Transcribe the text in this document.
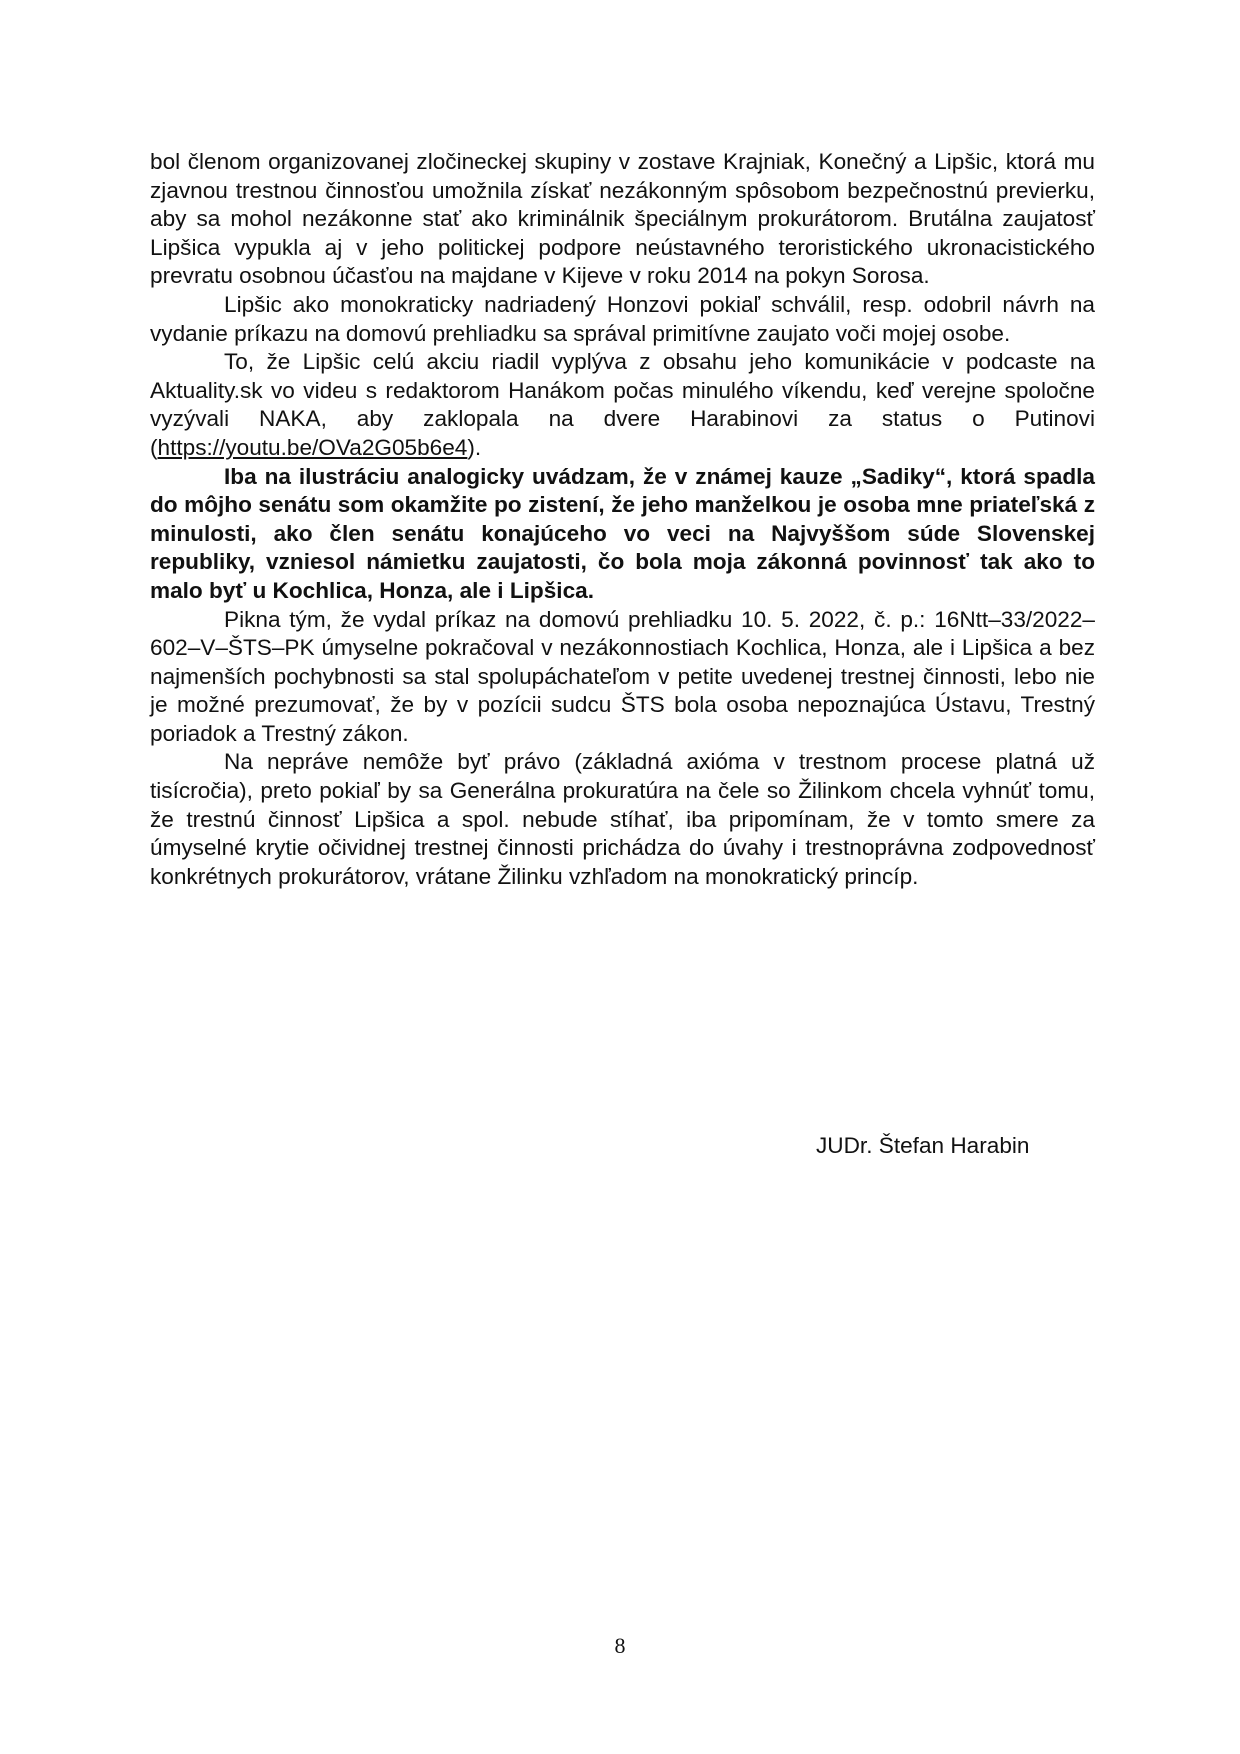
bol členom organizovanej zločineckej skupiny v zostave Krajniak, Konečný a Lipšic, ktorá mu zjavnou trestnou činnosťou umožnila získať nezákonným spôsobom bezpečnostnú previerku, aby sa mohol nezákonne stať ako kriminálnik špeciálnym prokurátorom. Brutálna zaujatosť Lipšica vypukla aj v jeho politickej podpore neústavného teroristického ukronacistického prevratu osobnou účasťou na majdane v Kijeve v roku 2014 na pokyn Sorosa.

Lipšic ako monokraticky nadriadený Honzovi pokiaľ schválil, resp. odobril návrh na vydanie príkazu na domovú prehliadku sa správal primitívne zaujato voči mojej osobe.

To, že Lipšic celú akciu riadil vyplýva z obsahu jeho komunikácie v podcaste na Aktuality.sk vo videu s redaktorom Hanákom počas minulého víkendu, keď verejne spoločne vyzývali NAKA, aby zaklopala na dvere Harabinovi za status o Putinovi (https://youtu.be/OVa2G05b6e4).

Iba na ilustráciu analogicky uvádzam, že v známej kauze „Sadiky“, ktorá spadla do môjho senátu som okamžite po zistení, že jeho manželkou je osoba mne priateľská z minulosti, ako člen senátu konajúceho vo veci na Najvyššom súde Slovenskej republiky, vzniesol námietku zaujatosti, čo bola moja zákonná povinnosť tak ako to malo byť u Kochlica, Honza, ale i Lipšica.

Pikna tým, že vydal príkaz na domovú prehliadku 10. 5. 2022, č. p.: 16Ntt–33/2022–602–V–ŠTS–PK úmyselne pokračoval v nezákonnostiach Kochlica, Honza, ale i Lipšica a bez najmenších pochybnosti sa stal spolupáchateľom v petite uvedenej trestnej činnosti, lebo nie je možné prezumovať, že by v pozícii sudcu ŠTS bola osoba nepoznajúca Ústavu, Trestný poriadok a Trestný zákon.

Na neprávе nemôže byť právo (základná axióma v trestnom procese platná už tisícročia), preto pokiaľ by sa Generálna prokuratúra na čele so Žilinkom chcela vyhnúť tomu, že trestnú činnosť Lipšica a spol. nebude stíhať, iba pripomínam, že v tomto smere za úmyselné krytie očividnej trestnej činnosti prichádza do úvahy i trestnoprávna zodpovednosť konkrétnych prokurátorov, vrátane Žilinku vzhľadom na monokratický princíp.

JUDr. Štefan Harabin
8
